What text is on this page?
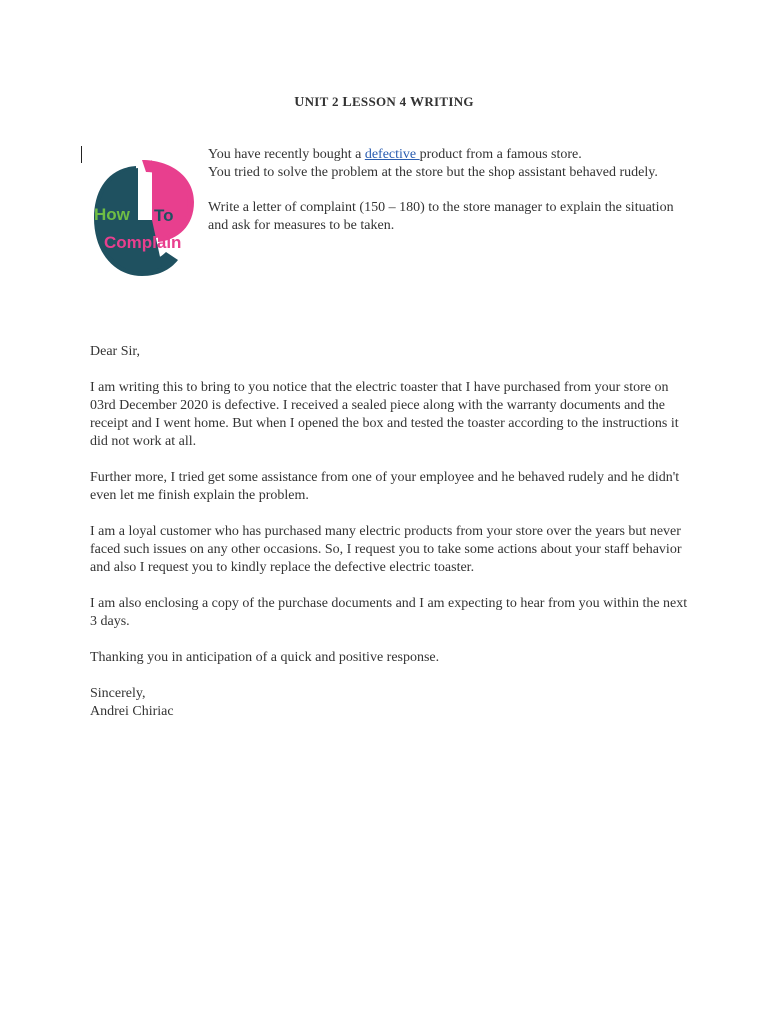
UNIT 2 LESSON 4 WRITING
How To
Complain

You have recently bought a defective product from a famous store.

You tried to solve the problem at the store but the shop assistant behaved rudely.

Write a letter of complaint (150 – 180) to the store manager to explain the situation and ask for measures to be taken.

Dear Sir,

I am writing this to bring to you notice that the electric toaster that I have purchased from your store on 03rd December 2020 is defective. I received a sealed piece along with the warranty documents and the receipt and I went home. But when I opened the box and tested the toaster according to the instructions it did not work at all.

Further more, I tried get some assistance from one of your employee and he behaved rudely and he didn't even let me finish explain the problem.

I am a loyal customer who has purchased many electric products from your store over the years but never faced such issues on any other occasions. So, I request you to take some actions about your staff behavior and also I request you to kindly replace the defective electric toaster.

I am also enclosing a copy of the purchase documents and I am expecting to hear from you within the next 3 days.

Thanking you in anticipation of a quick and positive response.

Sincerely,

Andrei Chiriac
